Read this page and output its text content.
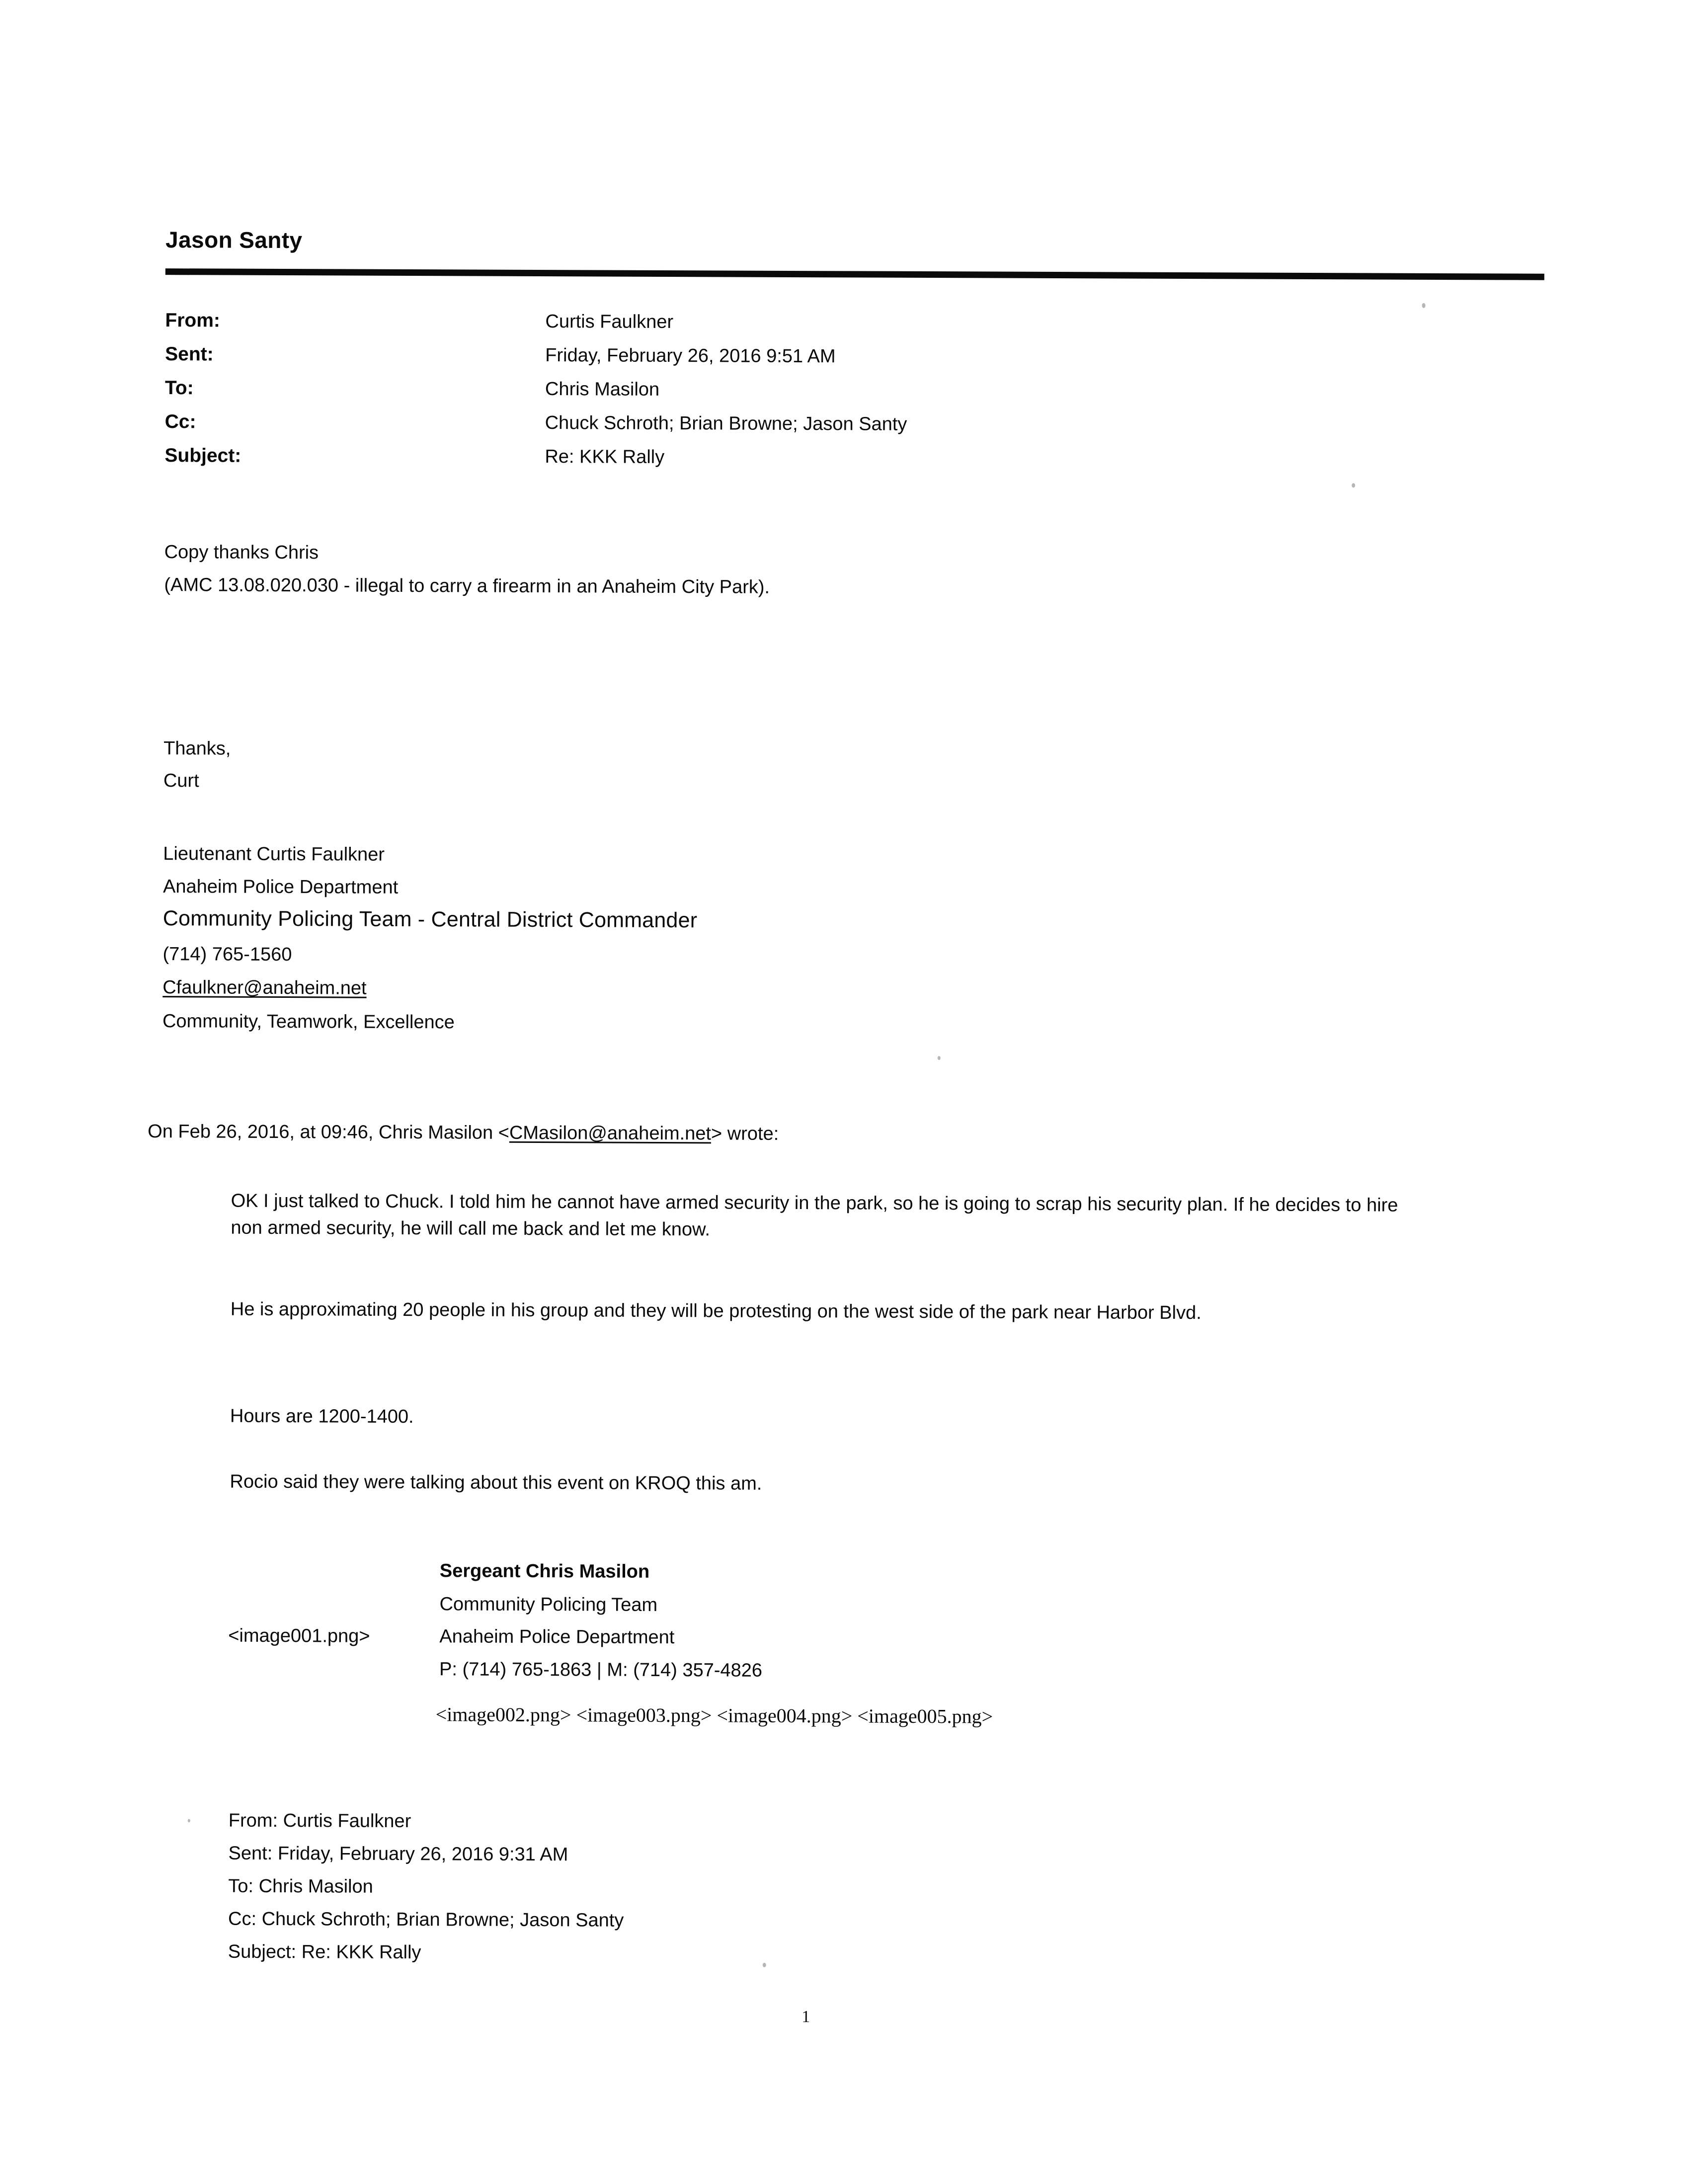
Jason Santy
From:	Curtis Faulkner
Sent:	Friday, February 26, 2016 9:51 AM
To:	Chris Masilon
Cc:	Chuck Schroth; Brian Browne; Jason Santy
Subject:	Re: KKK Rally
Copy thanks Chris
(AMC 13.08.020.030 - illegal to carry a firearm in an Anaheim City Park).
Thanks,
Curt
Lieutenant Curtis Faulkner
Anaheim Police Department
Community Policing Team - Central District Commander
(714) 765-1560
Cfaulkner@anaheim.net
Community, Teamwork, Excellence
On Feb 26, 2016, at 09:46, Chris Masilon <CMasilon@anaheim.net> wrote:
OK I just talked to Chuck. I told him he cannot have armed security in the park, so he is going to scrap his security plan. If he decides to hire non armed security, he will call me back and let me know.
He is approximating 20 people in his group and they will be protesting on the west side of the park near Harbor Blvd.
Hours are 1200-1400.
Rocio said they were talking about this event on KROQ this am.
Sergeant Chris Masilon
Community Policing Team
<image001.png>	Anaheim Police Department
P: (714) 765-1863 | M: (714) 357-4826
<image002.png> <image003.png> <image004.png> <image005.png>
From: Curtis Faulkner
Sent: Friday, February 26, 2016 9:31 AM
To: Chris Masilon
Cc: Chuck Schroth; Brian Browne; Jason Santy
Subject: Re: KKK Rally
1
